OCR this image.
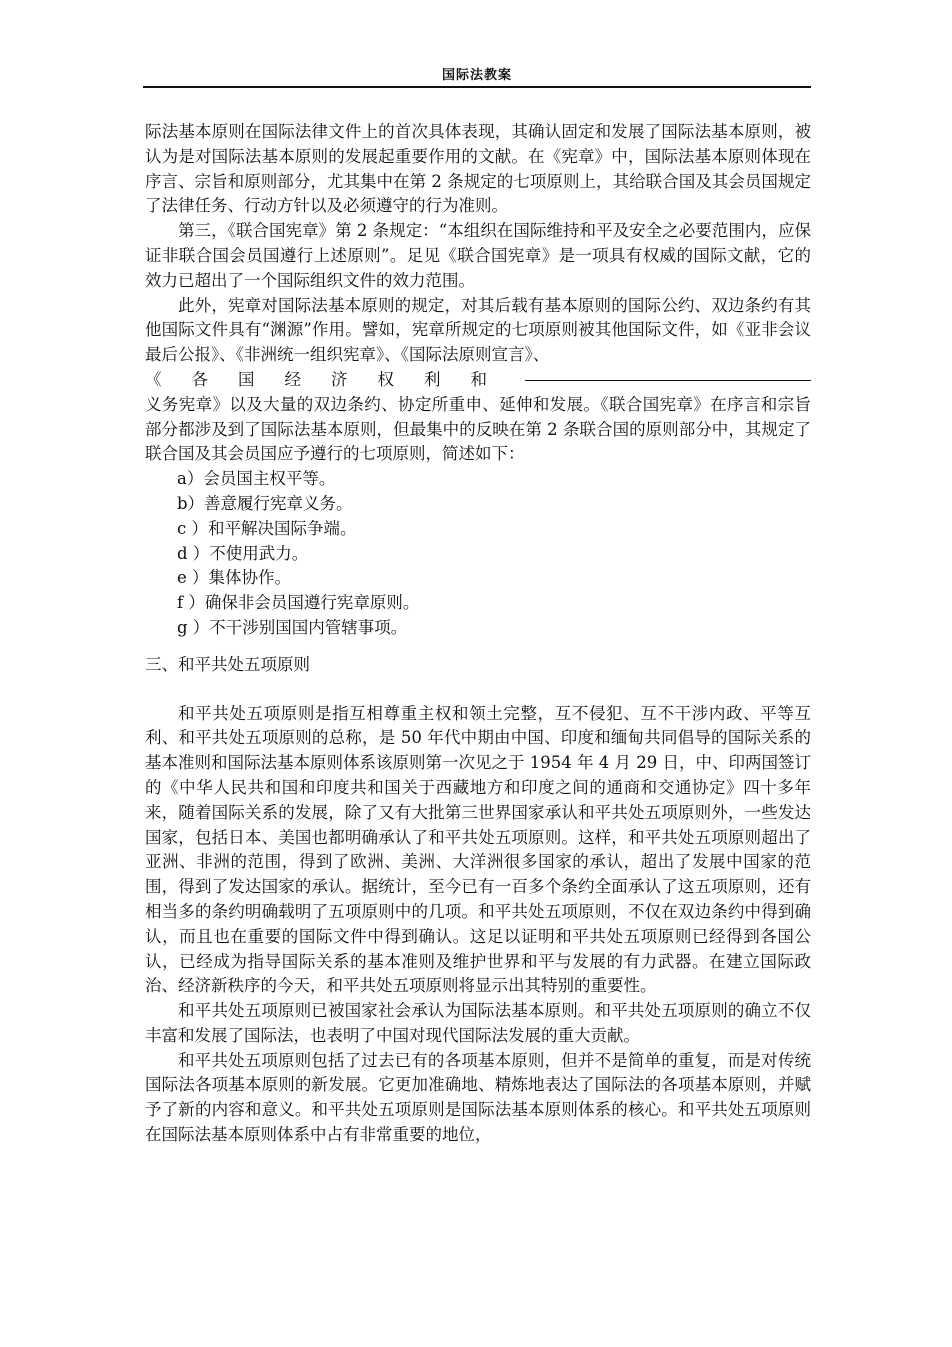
国际法教案

际法基本原则在国际法律文件上的首次具体表现，其确认固定和发展了国际法基本原则，被认为是对国际法基本原则的发展起重要作用的文献。在《宪章》中，国际法基本原则体现在序言、宗旨和原则部分，尤其集中在第 2 条规定的七项原则上，其给联合国及其会员国规定了法律任务、行动方针以及必须遵守的行为准则。

第三，《联合国宪章》第 2 条规定：“本组织在国际维持和平及安全之必要范围内，应保证非联合国会员国遵行上述原则”。足见《联合国宪章》是一项具有权威的国际文献，它的效力已超出了一个国际组织文件的效力范围。

此外，宪章对国际法基本原则的规定，对其后载有基本原则的国际公约、双边条约有其他国际文件具有“渊源”作用。譬如，宪章所规定的七项原则被其他国际文件，如《亚非会议最后公报》、《非洲统一组织宪章》、《国际法原则宣言》、

《各国经济权利和

义务宪章》以及大量的双边条约、协定所重申、延伸和发展。《联合国宪章》在序言和宗旨部分都涉及到了国际法基本原则，但最集中的反映在第 2 条联合国的原则部分中，其规定了联合国及其会员国应予遵行的七项原则，简述如下：

a）会员国主权平等。

b）善意履行宪章义务。

c ）和平解决国际争端。

d ）不使用武力。

e ）集体协作。

f ）确保非会员国遵行宪章原则。

g ）不干涉别国国内管辖事项。

三、和平共处五项原则

和平共处五项原则是指互相尊重主权和领土完整，互不侵犯、互不干涉内政、平等互利、和平共处五项原则的总称，是 50 年代中期由中国、印度和缅甸共同倡导的国际关系的基本准则和国际法基本原则体系该原则第一次见之于 1954 年 4 月 29 日，中、印两国签订的《中华人民共和国和印度共和国关于西藏地方和印度之间的通商和交通协定》四十多年来，随着国际关系的发展，除了又有大批第三世界国家承认和平共处五项原则外，一些发达国家，包括日本、美国也都明确承认了和平共处五项原则。这样，和平共处五项原则超出了亚洲、非洲的范围，得到了欧洲、美洲、大洋洲很多国家的承认，超出了发展中国家的范围，得到了发达国家的承认。据统计，至今已有一百多个条约全面承认了这五项原则，还有相当多的条约明确载明了五项原则中的几项。和平共处五项原则，不仅在双边条约中得到确认，而且也在重要的国际文件中得到确认。这足以证明和平共处五项原则已经得到各国公认，已经成为指导国际关系的基本准则及维护世界和平与发展的有力武器。在建立国际政治、经济新秩序的今天，和平共处五项原则将显示出其特别的重要性。

和平共处五项原则已被国家社会承认为国际法基本原则。和平共处五项原则的确立不仅丰富和发展了国际法，也表明了中国对现代国际法发展的重大贡献。

和平共处五项原则包括了过去已有的各项基本原则，但并不是简单的重复，而是对传统国际法各项基本原则的新发展。它更加准确地、精炼地表达了国际法的各项基本原则，并赋予了新的内容和意义。和平共处五项原则是国际法基本原则体系的核心。和平共处五项原则在国际法基本原则体系中占有非常重要的地位，
